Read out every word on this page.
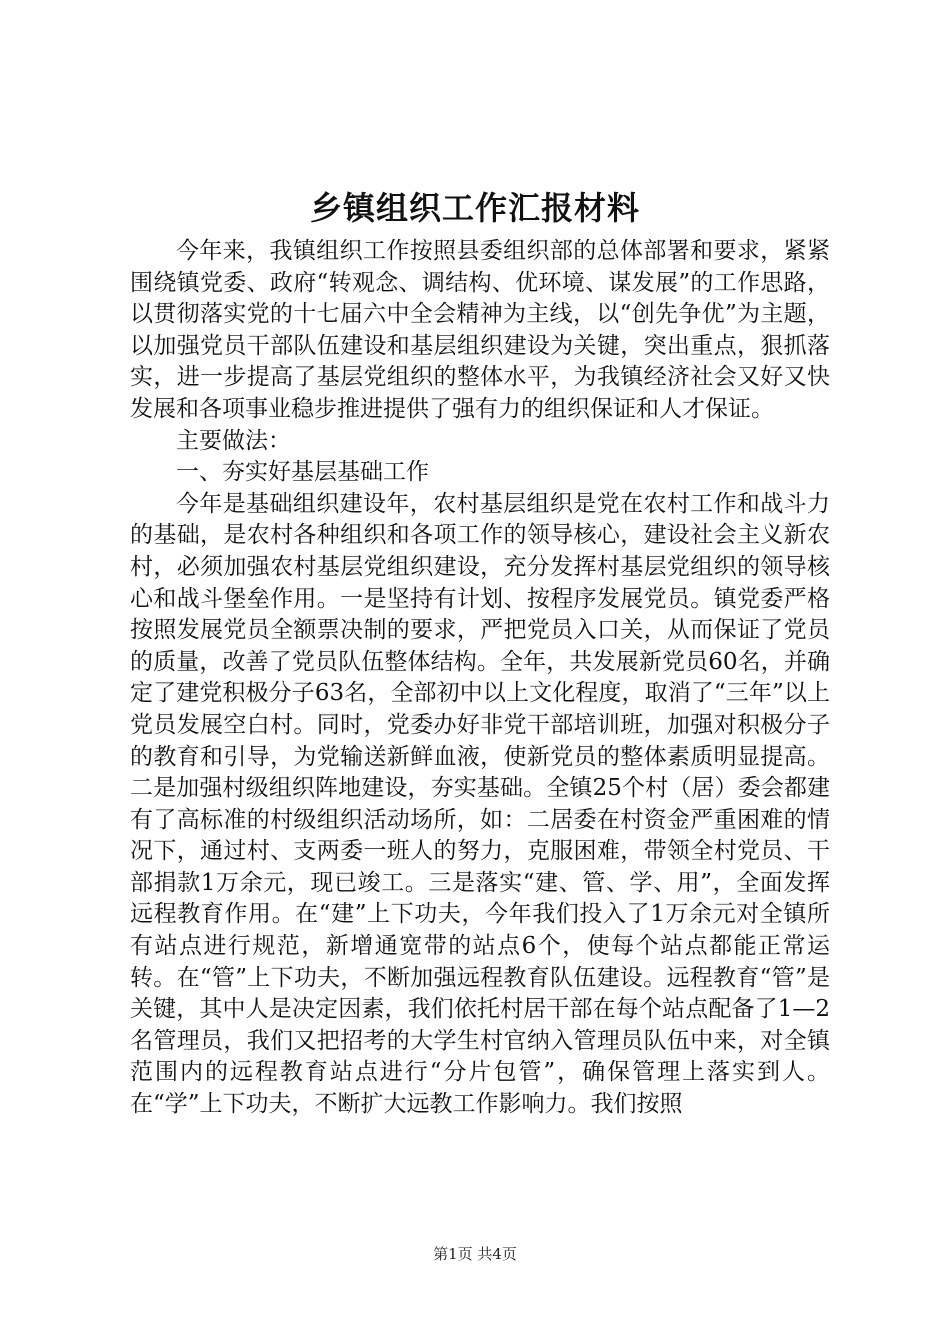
乡镇组织工作汇报材料

今年来，我镇组织工作按照县委组织部的总体部署和要求，紧紧围绕镇党委、政府“转观念、调结构、优环境、谋发展”的工作思路，以贯彻落实党的十七届六中全会精神为主线，以“创先争优”为主题，以加强党员干部队伍建设和基层组织建设为关键，突出重点，狠抓落实，进一步提高了基层党组织的整体水平，为我镇经济社会又好又快发展和各项事业稳步推进提供了强有力的组织保证和人才保证。

主要做法：

一、夯实好基层基础工作

今年是基础组织建设年，农村基层组织是党在农村工作和战斗力的基础，是农村各种组织和各项工作的领导核心，建设社会主义新农村，必须加强农村基层党组织建设，充分发挥村基层党组织的领导核心和战斗堡垒作用。一是坚持有计划、按程序发展党员。镇党委严格按照发展党员全额票决制的要求，严把党员入口关，从而保证了党员的质量，改善了党员队伍整体结构。全年，共发展新党员60名，并确定了建党积极分子63名，全部初中以上文化程度，取消了“三年”以上党员发展空白村。同时，党委办好非党干部培训班，加强对积极分子的教育和引导，为党输送新鲜血液，使新党员的整体素质明显提高。二是加强村级组织阵地建设，夯实基础。全镇25个村（居）委会都建有了高标准的村级组织活动场所，如：二居委在村资金严重困难的情况下，通过村、支两委一班人的努力，克服困难，带领全村党员、干部捐款1万余元，现已竣工。三是落实“建、管、学、用”，全面发挥远程教育作用。在“建”上下功夫，今年我们投入了1万余元对全镇所有站点进行规范，新增通宽带的站点6个，使每个站点都能正常运转。在“管”上下功夫，不断加强远程教育队伍建设。远程教育“管”是关键，其中人是决定因素，我们依托村居干部在每个站点配备了1—2名管理员，我们又把招考的大学生村官纳入管理员队伍中来，对全镇范围内的远程教育站点进行“分片包管”，确保管理上落实到人。在“学”上下功夫，不断扩大远教工作影响力。我们按照

第1页 共4页
